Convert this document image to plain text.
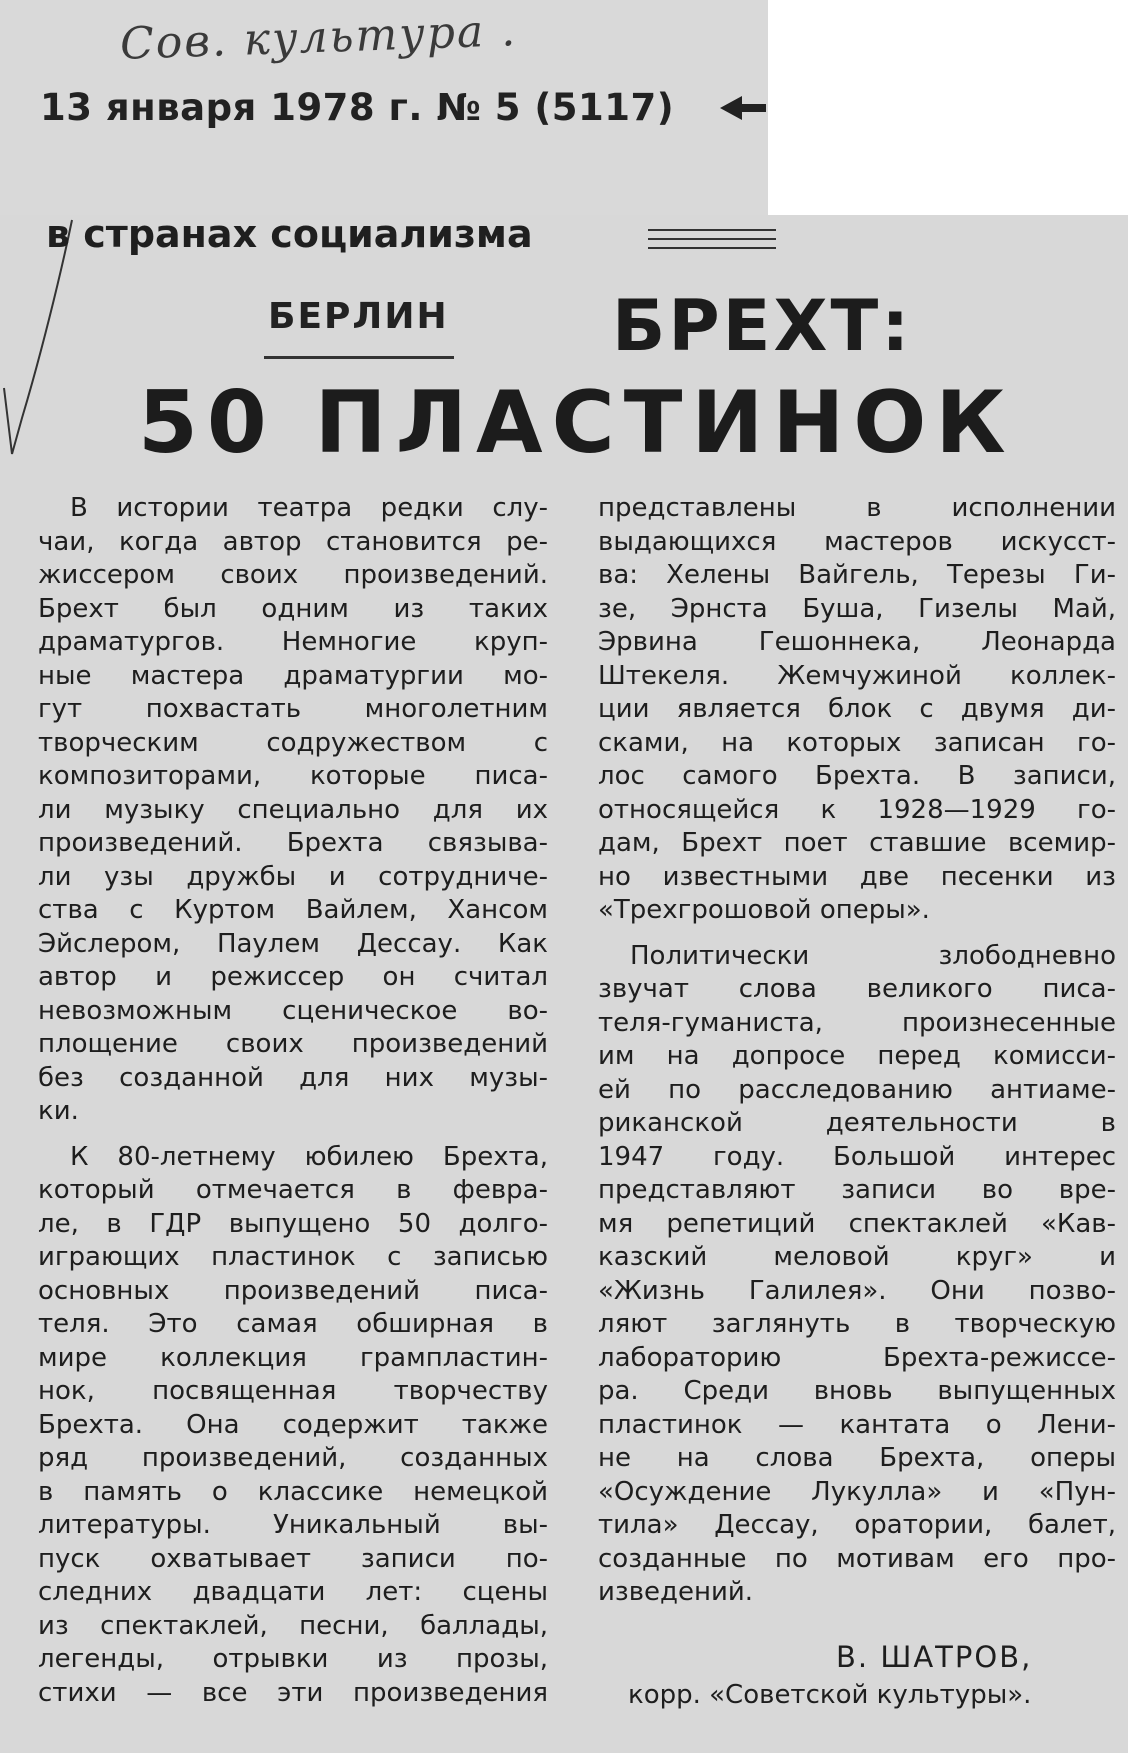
Сов. культура .
13 января 1978 г. № 5 (5117)
в странах социализма
БЕРЛИН БРЕХТ:
50 ПЛАСТИНОК
В истории театра редки слу-
чаи, когда автор становится ре-
жиссером своих произведений.
Брехт был одним из таких
драматургов. Немногие круп-
ные мастера драматургии мо-
гут похвастать многолетним
творческим содружеством с
композиторами, которые писа-
ли музыку специально для их
произведений. Брехта связыва-
ли узы дружбы и сотрудниче-
ства с Куртом Вайлем, Хансом
Эйслером, Паулем Дессау. Как
автор и режиссер он считал
невозможным сценическое во-
площение своих произведений
без созданной для них музы-
ки.
К 80-летнему юбилею Брехта,
который отмечается в февра-
ле, в ГДР выпущено 50 долго-
играющих пластинок с записью
основных произведений писа-
теля. Это самая обширная в
мире коллекция грампластин-
нок, посвященная творчеству
Брехта. Она содержит также
ряд произведений, созданных
в память о классике немецкой
литературы. Уникальный вы-
пуск охватывает записи по-
следних двадцати лет: сцены
из спектаклей, песни, баллады,
легенды, отрывки из прозы,
стихи — все эти произведения
представлены в исполнении
выдающихся мастеров искусст-
ва: Хелены Вайгель, Терезы Ги-
зе, Эрнста Буша, Гизелы Май,
Эрвина Гешоннека, Леонарда
Штекеля. Жемчужиной коллек-
ции является блок с двумя ди-
сками, на которых записан го-
лос самого Брехта. В записи,
относящейся к 1928—1929 го-
дам, Брехт поет ставшие всемир-
но известными две песенки из
«Трехгрошовой оперы».
Политически злободневно
звучат слова великого писа-
теля-гуманиста, произнесенные
им на допросе перед комисси-
ей по расследованию антиаме-
риканской деятельности в
1947 году. Большой интерес
представляют записи во вре-
мя репетиций спектаклей «Кав-
казский меловой круг» и
«Жизнь Галилея». Они позво-
ляют заглянуть в творческую
лабораторию Брехта-режиссе-
ра. Среди вновь выпущенных
пластинок — кантата о Лени-
не на слова Брехта, оперы
«Осуждение Лукулла» и «Пун-
тила» Дессау, оратории, балет,
созданные по мотивам его про-
изведений.
В. ШАТРОВ,
корр. «Советской культуры».
